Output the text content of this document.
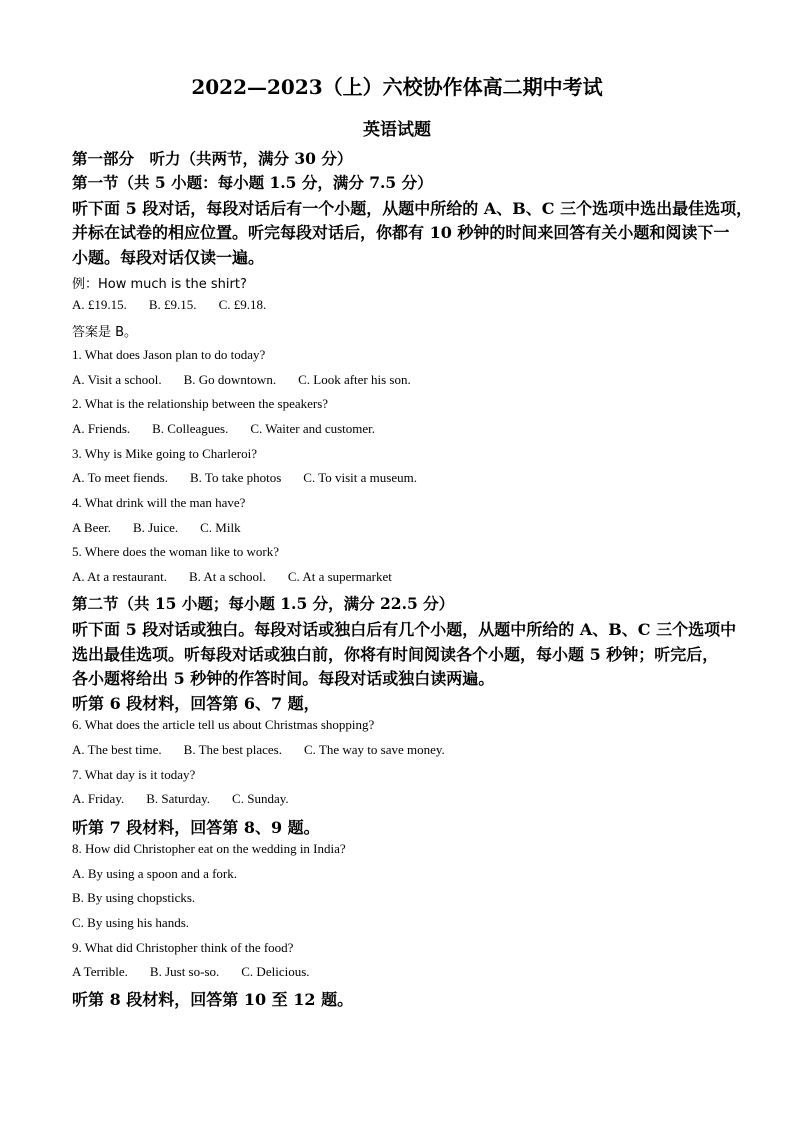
2022—2023（上）六校协作体高二期中考试
英语试题
第一部分　听力（共两节，满分 30 分）
第一节（共 5 小题：每小题 1.5 分，满分 7.5 分）
听下面 5 段对话，每段对话后有一个小题，从题中所给的 A、B、C 三个选项中选出最佳选项，
并标在试卷的相应位置。听完每段对话后，你都有 10 秒钟的时间来回答有关小题和阅读下一
小题。每段对话仅读一遍。
例：How much is the shirt?
A. £19.15. B. £9.15. C. £9.18.
答案是 B。
1. What does Jason plan to do today?
A. Visit a school. B. Go downtown. C. Look after his son.
2. What is the relationship between the speakers?
A. Friends. B. Colleagues. C. Waiter and customer.
3. Why is Mike going to Charleroi?
A. To meet fiends. B. To take photos C. To visit a museum.
4. What drink will the man have?
A Beer. B. Juice. C. Milk
5. Where does the woman like to work?
A. At a restaurant. B. At a school. C. At a supermarket
第二节（共 15 小题；每小题 1.5 分，满分 22.5 分）
听下面 5 段对话或独白。每段对话或独白后有几个小题，从题中所给的 A、B、C 三个选项中
选出最佳选项。听每段对话或独白前，你将有时间阅读各个小题，每小题 5 秒钟；听完后，
各小题将给出 5 秒钟的作答时间。每段对话或独白读两遍。
听第 6 段材料，回答第 6、7 题，
6. What does the article tell us about Christmas shopping?
A. The best time. B. The best places. C. The way to save money.
7. What day is it today?
A. Friday. B. Saturday. C. Sunday.
听第 7 段材料，回答第 8、9 题。
8. How did Christopher eat on the wedding in India?
A. By using a spoon and a fork.
B. By using chopsticks.
C. By using his hands.
9. What did Christopher think of the food?
A Terrible. B. Just so-so. C. Delicious.
听第 8 段材料，回答第 10 至 12 题。
